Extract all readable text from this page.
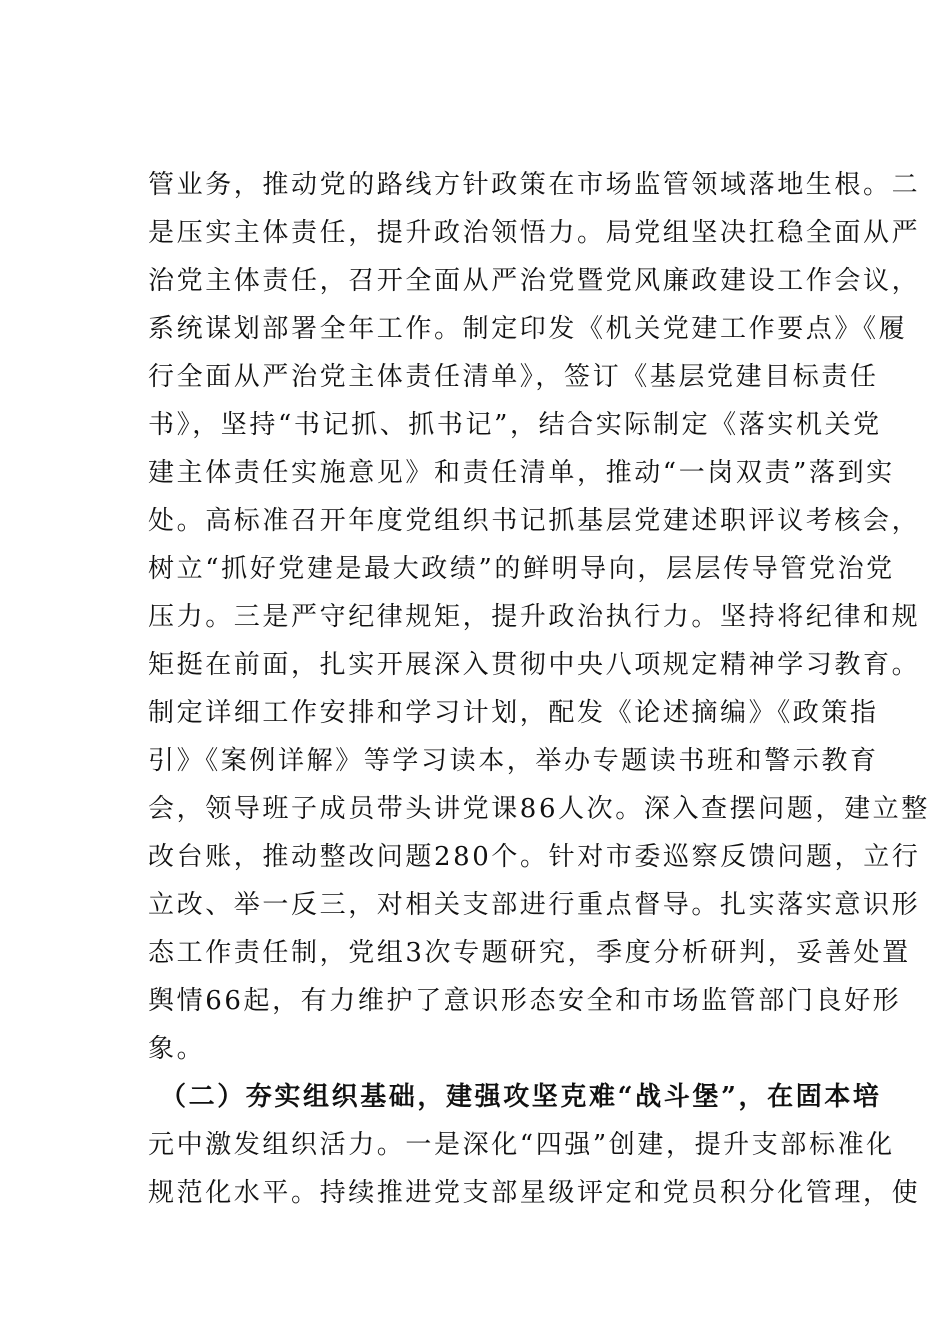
管业务，推动党的路线方针政策在市场监管领域落地生根。二
是压实主体责任，提升政治领悟力。局党组坚决扛稳全面从严
治党主体责任，召开全面从严治党暨党风廉政建设工作会议，
系统谋划部署全年工作。制定印发《机关党建工作要点》《履
行全面从严治党主体责任清单》，签订《基层党建目标责任
书》，坚持“书记抓、抓书记”，结合实际制定《落实机关党
建主体责任实施意见》和责任清单，推动“一岗双责”落到实
处。高标准召开年度党组织书记抓基层党建述职评议考核会，
树立“抓好党建是最大政绩”的鲜明导向，层层传导管党治党
压力。三是严守纪律规矩，提升政治执行力。坚持将纪律和规
矩挺在前面，扎实开展深入贯彻中央八项规定精神学习教育。
制定详细工作安排和学习计划，配发《论述摘编》《政策指
引》《案例详解》等学习读本，举办专题读书班和警示教育
会，领导班子成员带头讲党课86人次。深入查摆问题，建立整
改台账，推动整改问题280个。针对市委巡察反馈问题，立行
立改、举一反三，对相关支部进行重点督导。扎实落实意识形
态工作责任制，党组3次专题研究，季度分析研判，妥善处置
舆情66起，有力维护了意识形态安全和市场监管部门良好形
象。
（二）夯实组织基础，建强攻坚克难“战斗堡”，在固本培
元中激发组织活力。一是深化“四强”创建，提升支部标准化
规范化水平。持续推进党支部星级评定和党员积分化管理，使
